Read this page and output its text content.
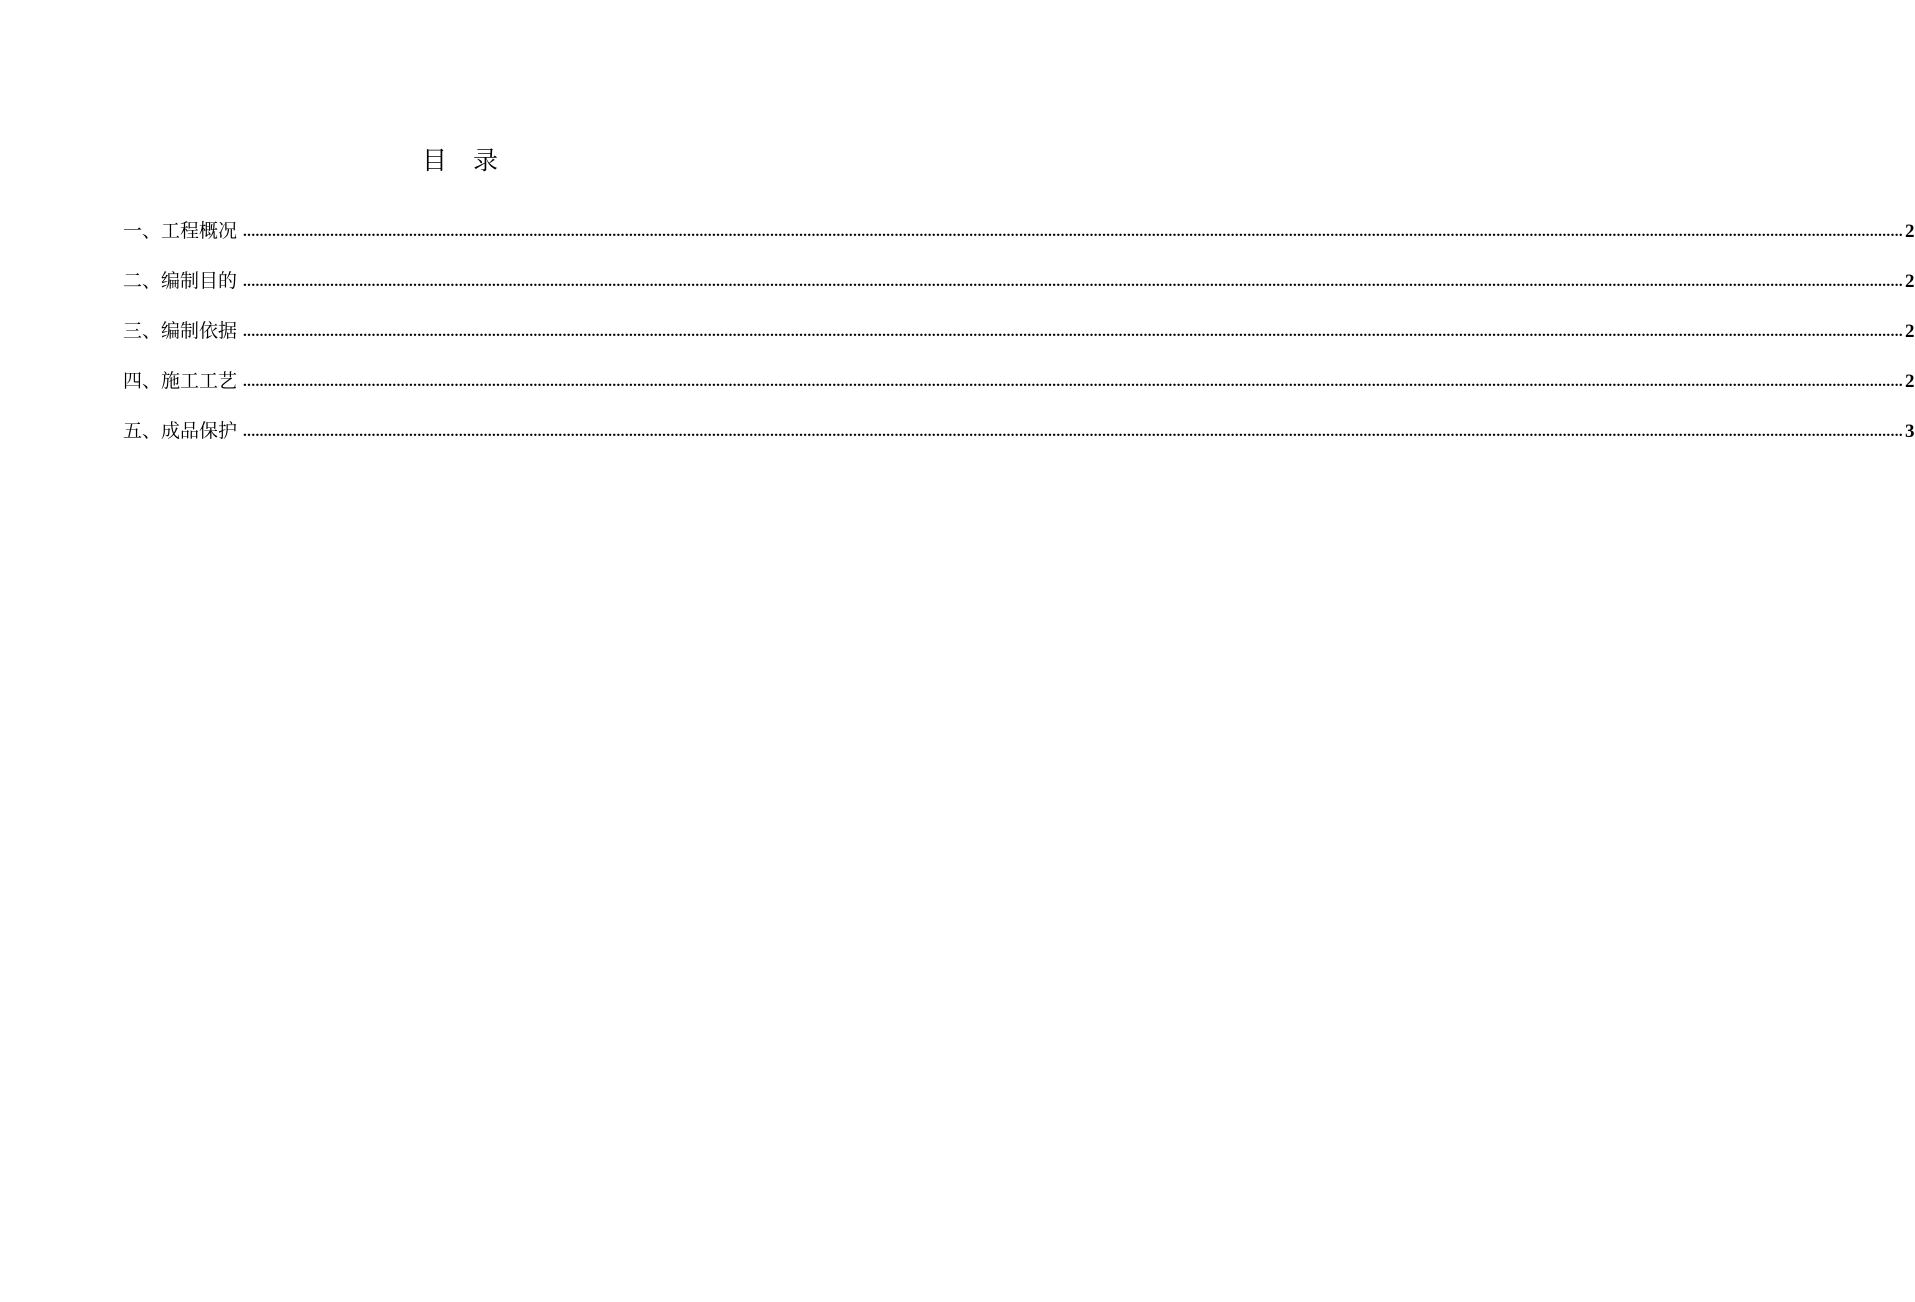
目 录
一、工程概况 ................................................................................................................................................................................................................................................................................................................................................................................................................ 2
二、编制目的 ................................................................................................................................................................................................................................................................................................................................................................................................................ 2
三、编制依据 ................................................................................................................................................................................................................................................................................................................................................................................................................ 2
四、施工工艺 ................................................................................................................................................................................................................................................................................................................................................................................................................ 2
五、成品保护 ................................................................................................................................................................................................................................................................................................................................................................................................................ 3
